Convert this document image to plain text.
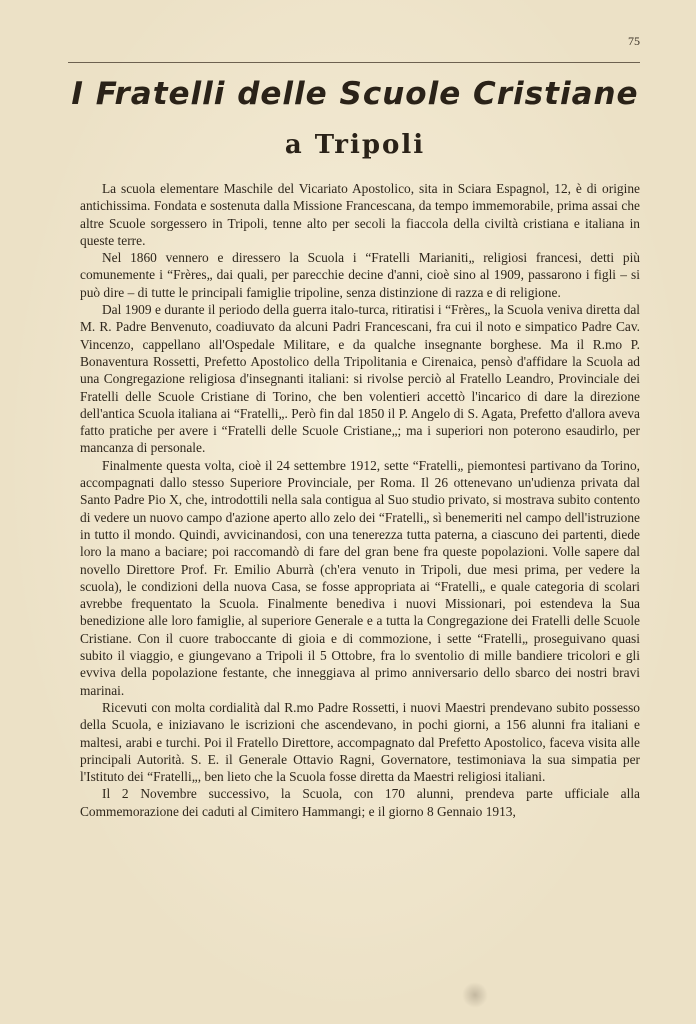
75
I Fratelli delle Scuole Cristiane
a Tripoli

La scuola elementare Maschile del Vicariato Apostolico, sita in Sciara Espagnol, 12, è di origine antichissima. Fondata e sostenuta dalla Missione Francescana, da tempo immemorabile, prima assai che altre Scuole sorgessero in Tripoli, tenne alto per secoli la fiaccola della civiltà cristiana e italiana in queste terre.

Nel 1860 vennero e diressero la Scuola i “Fratelli Marianiti„ religiosi francesi, detti più comunemente i “Frères„ dai quali, per parecchie decine d'anni, cioè sino al 1909, passarono i figli – si può dire – di tutte le principali famiglie tripoline, senza distinzione di razza e di religione.

Dal 1909 e durante il periodo della guerra italo-turca, ritiratisi i “Frères„ la Scuola veniva diretta dal M. R. Padre Benvenuto, coadiuvato da alcuni Padri Francescani, fra cui il noto e simpatico Padre Cav. Vincenzo, cappellano all'Ospedale Militare, e da qualche insegnante borghese. Ma il R.mo P. Bonaventura Rossetti, Prefetto Apostolico della Tripolitania e Cirenaica, pensò d'affidare la Scuola ad una Congregazione religiosa d'insegnanti italiani: si rivolse perciò al Fratello Leandro, Provinciale dei Fratelli delle Scuole Cristiane di Torino, che ben volentieri accettò l'incarico di dare la direzione dell'antica Scuola italiana ai “Fratelli„. Però fin dal 1850 il P. Angelo di S. Agata, Prefetto d'allora aveva fatto pratiche per avere i “Fratelli delle Scuole Cristiane„; ma i superiori non poterono esaudirlo, per mancanza di personale.

Finalmente questa volta, cioè il 24 settembre 1912, sette “Fratelli„ piemontesi partivano da Torino, accompagnati dallo stesso Superiore Provinciale, per Roma. Il 26 ottenevano un'udienza privata dal Santo Padre Pio X, che, introdottili nella sala contigua al Suo studio privato, si mostrava subito contento di vedere un nuovo campo d'azione aperto allo zelo dei “Fratelli„ sì benemeriti nel campo dell'istruzione in tutto il mondo. Quindi, avvicinandosi, con una tenerezza tutta paterna, a ciascuno dei partenti, diede loro la mano a baciare; poi raccomandò di fare del gran bene fra queste popolazioni. Volle sapere dal novello Direttore Prof. Fr. Emilio Aburrà (ch'era venuto in Tripoli, due mesi prima, per vedere la scuola), le condizioni della nuova Casa, se fosse appropriata ai “Fratelli„ e quale categoria di scolari avrebbe frequentato la Scuola. Finalmente benediva i nuovi Missionari, poi estendeva la Sua benedizione alle loro famiglie, al superiore Generale e a tutta la Congregazione dei Fratelli delle Scuole Cristiane. Con il cuore traboccante di gioia e di commozione, i sette “Fratelli„ proseguivano quasi subito il viaggio, e giungevano a Tripoli il 5 Ottobre, fra lo sventolio di mille bandiere tricolori e gli evviva della popolazione festante, che inneggiava al primo anniversario dello sbarco dei nostri bravi marinai.

Ricevuti con molta cordialità dal R.mo Padre Rossetti, i nuovi Maestri prendevano subito possesso della Scuola, e iniziavano le iscrizioni che ascendevano, in pochi giorni, a 156 alunni fra italiani e maltesi, arabi e turchi. Poi il Fratello Direttore, accompagnato dal Prefetto Apostolico, faceva visita alle principali Autorità. S. E. il Generale Ottavio Ragni, Governatore, testimoniava la sua simpatia per l'Istituto dei “Fratelli„, ben lieto che la Scuola fosse diretta da Maestri religiosi italiani.

Il 2 Novembre successivo, la Scuola, con 170 alunni, prendeva parte ufficiale alla Commemorazione dei caduti al Cimitero Hammangi; e il giorno 8 Gennaio 1913,
